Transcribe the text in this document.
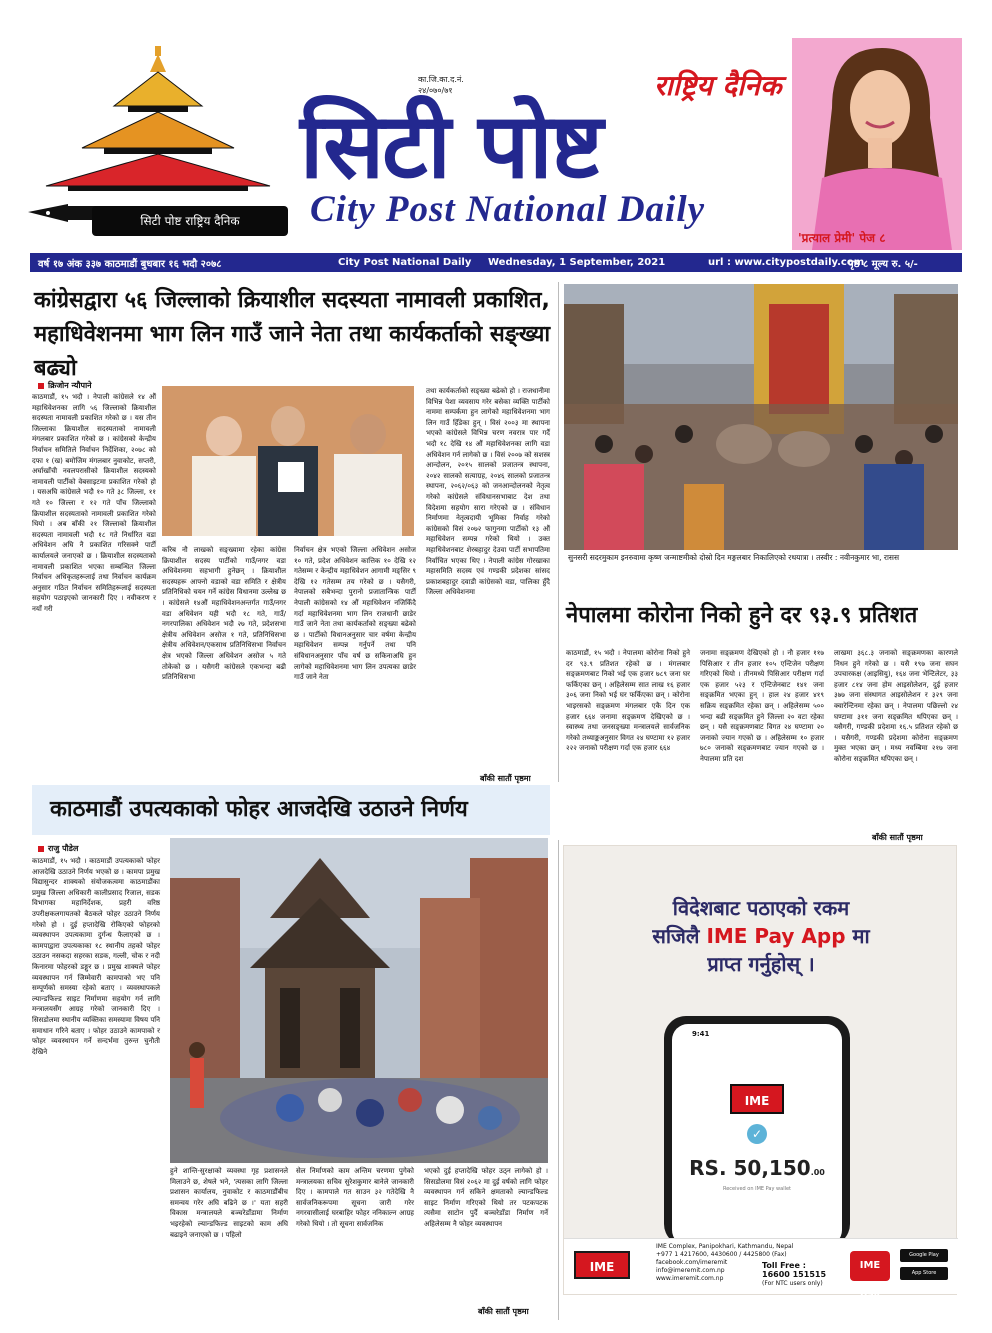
सिटी पोष्ट राष्ट्रिय दैनिक
का.जि.का.द.नं.
२४/०७०/७१	राष्ट्रिय दैनिक
सिटी पोष्ट
City Post National Daily
'प्रत्याल प्रेमी' पेज ८
वर्ष १७ अंक ३३७ काठमाडौं बुधबार १६ भदौ २०७८	City Post National Daily	Wednesday, 1 September, 2021	url : www.citypostdaily.com
पृष्ठ ८ मूल्य रु. ५/-
कांग्रेसद्वारा ५६ जिल्लाको क्रियाशील सदस्यता नामावली प्रकाशित,
महाधिवेशनमा भाग लिन गाउँ जाने नेता तथा कार्यकर्ताको सङ्ख्या बढ्यो
क्रिजोन न्यौपाने
काठमाडौं, १५ भदौ । नेपाली कांग्रेसले १४ औं महाधिवेशनका लागि ५६ जिल्लाको क्रियाशील सदस्यता नामावली प्रकाशित गरेको छ । यस तीन जिल्लाका क्रियाशील सदस्यताको नामावली मंगलबार प्रकाशित गरेको छ । कांग्रेसको केन्द्रीय निर्वाचन समितिले निर्वाचन निर्देशिका, २०७८ को दफा १ (ख) बमोजिम मंगलबार नुवाकोट, सप्तरी, अर्घाखाँची नवलपरासीको क्रियाशील सदस्यको नामावली पार्टीको वेबसाइटमा प्रकाशित गरेको हो । यसअघि कांग्रेसले भदौ १० गते ३८ जिल्ला, ११ गते १० जिल्ला र १२ गते पाँच जिल्लाको क्रियाशील सदस्यताको नामावली प्रकाशित गरेको थियो । अब बाँकी २१ जिल्लाको क्रियाशील सदस्यता नामावली भदौ १८ गते निर्धारित वडा अधिवेशन अघि नै प्रकाशित गरिसक्ने पार्टी कार्यालयले जनाएको छ । क्रियाशील सदस्यताको नामावली प्रकाशित भएका सम्बन्धित जिल्ला निर्वाचन अधिकृतहरूलाई तथा निर्वाचन कार्यक्रम अनुसार गठित निर्वाचन समितिहरूलाई सदस्यता सहयोग पठाइएको जानकारी दिए । नवीकरण र नयाँ गरी
करिब नौ लाखको सङ्ख्यामा रहेका कांग्रेस क्रियाशील सदस्य पार्टीको गाउँ/नगर वडा अधिवेशनमा सहभागी हुनेछन् । क्रियाशील सदस्यहरू आफ्नो वडाको वडा समिति र क्षेत्रीय प्रतिनिधिको चयन गर्ने कांग्रेस विधानमा उल्लेख छ । कांग्रेसले १४औं महाधिवेशनअन्तर्गत गाउँ/नगर वडा अधिवेशन यही भदौ १८ गते, गाउँ/नगरपालिका अधिवेशन भदौ २७ गते, प्रदेशसभा क्षेत्रीय अधिवेशन असोज १ गते, प्रतिनिधिसभा क्षेत्रीय अधिवेशन/एकसाथ प्रतिनिधिसभा निर्वाचन क्षेत्र भएको जिल्ला अधिवेशन असोज ५ गते तोकेको छ । यसैगरी कांग्रेसले एकभन्दा बढी प्रतिनिधिसभा
निर्वाचन क्षेत्र भएको जिल्ला अधिवेशन असोज १० गते, प्रदेश अधिवेशन कात्तिक १० देखि १२ गतेसम्म र केन्द्रीय महाधिवेशन आगामी मङ्सिर ९ देखि १२ गतेसम्म तय गरेको छ । यसैगरी, नेपालको सबैभन्दा पुरानो प्रजातान्त्रिक पार्टी नेपाली कांग्रेसको १४ औं महाधिवेशन नजिकिँदै गर्दा महाधिवेशनमा भाग लिन राजधानी छाडेर गाउँ जाने नेता तथा कार्यकर्ताको सङ्ख्या बढेको छ । पार्टीको विधानअनुसार चार वर्षमा केन्द्रीय महाधिवेशन सम्पन्न गर्नुपर्ने तथा पनि संविधानअनुसार पाँच वर्ष छ सकिनाअघि हुन लागेको महाधिवेशनमा भाग लिन उपत्यका छाडेर गाउँ जाने नेता
तथा कार्यकर्ताको सङ्ख्या बढेको हो । राजधानीमा विभिन्न पेशा व्यवसाय गरेर बसेका व्यक्ति पार्टीको नाममा सम्पर्कमा हुन लागेको महाधिवेशनमा भाग लिन गाउँ हिँडेका हुन् । विसं २००३ मा स्थापना भएको कांग्रेसले विभिन्न चरण नवरात्र पार गर्दै भदौ १८ देखि १४ औं महाधिवेशनका लागि वडा अधिवेशन गर्न लागेको छ । विसं २००७ को सशस्त्र आन्दोलन, २०१५ सालको प्रजातन्त्र स्थापना, २०४२ सालको सत्याग्रह, २०४६ सालको प्रजातन्त्र स्थापना, २०६२/०६३ को जनआन्दोलनको नेतृत्व गरेको कांग्रेसले संविधानसभाबाट देश तथा विदेशमा सहयोग सारा गरेएको छ । संविधान निर्माणमा नेतृत्वदायी भूमिका निर्वाह गरेको कांग्रेसको विसं २०७२ फागुनमा पार्टीको १३ औं महाधिवेशन सम्पन्न गरेको थियो । उक्त महाधिवेशनबाट शेरबहादुर देउवा पार्टी सभापतिमा निर्वाचित भएका थिए । नेपाली कांग्रेस गोरखाका महासमिति सदस्य एवं गण्डकी प्रदेशका सांसद प्रकाशबहादुर दवाडी कांग्रेसको वडा, पालिका हुँदै जिल्ला अधिवेशनमा
बाँकी सातौं पृष्ठमा
सुनसरी सदरमुकाम इनरुवामा कृष्ण जन्माष्टमीको दोस्रो दिन मङ्गलबार निकालिएको रथयात्रा । तस्वीर : नवीनकुमार भा, रासस
नेपालमा कोरोना निको हुने दर ९३.९ प्रतिशत
काठमाडौं, १५ भदौ । नेपालमा कोरोना निको हुने दर ९३.९ प्रतिशत रहेको छ । मंगलबार सङ्क्रमणबाट निको भई एक हजार ७८९ जना घर फर्किएका छन् । अहिलेसम्म सात लाख १६ हजार ३०६ जना निको भई घर फर्किएका छन् । कोरोना भाइरसको सङ्क्रमण मंगलबार एकै दिन एक हजार ६६४ जनामा सङ्क्रमण देखिएको छ । स्वास्थ्य तथा जनसङ्ख्या मन्त्रालयले सार्वजनिक गरेको तथ्याङ्कअनुसार विगत २४ घण्टामा १२ हजार २२२ जनाको परीक्षण गर्दा एक हजार ६६४
जनामा सङ्क्रमण देखिएको हो । नौ हजार ११७ पिसिआर र तीन हजार १०५ एन्टिजेन परीक्षण गरिएको थियो । तीनमध्ये पिसिआर परीक्षण गर्दा एक हजार ५२३ र एन्टिजेनबाट १४१ जना सङ्क्रमित भएका हुन् । हाल २४ हजार ४१९ सक्रिय सङ्क्रमित रहेका छन् । अहिलेसम्म ५०० भन्दा बढी सङ्क्रमित हुने जिल्ला २० वटा रहेका छन् । यसै सङ्क्रमणबाट विगत २४ घण्टामा २० जनाको ज्यान गएको छ । अहिलेसम्म १० हजार ७८० जनाको सङ्क्रमणबाट ज्यान गएको छ । नेपालमा प्रति दश
लाखमा ३६८.३ जनाको सङ्क्रमणका कारणले निधन हुने गरेको छ । यसै १९७ जना सघन उपचारकक्ष (आइसियु), १६४ जना भेन्टिलेटर, ३३ हजार ८१४ जना होम आइसोलेशन, दुई हजार ३७७ जना संस्थागत आइसोलेशन र ३२९ जना क्वारेन्टिनमा रहेका छन् । नेपालमा पछिल्लो २४ घण्टामा ३११ जना सङ्क्रमित थपिएका छन् । यसैगरी, गण्डकी प्रदेशमा १६.५ प्रतिशत रहेको छ । यसैगरी, गण्डकी प्रदेशमा कोरोना सङ्क्रमण मुक्त भएका छन् । मध्य नवम्बिमा २१७ जना कोरोना सङ्क्रमित थपिएका छन् ।
बाँकी सातौं पृष्ठमा
काठमाडौं उपत्यकाको फोहर आजदेखि उठाउने निर्णय
राजु पौडेल
काठमाडौं, १५ भदौ । काठमाडौं उपत्यकाको फोहर आजदेखि उठाउने निर्णय भएको छ । कामपा प्रमुख विद्यासुन्दर शाक्यको संयोजकत्वमा काठमाडौंका प्रमुख जिल्ला अधिकारी कालीप्रसाद रिजाल, सडक विभागका महानिर्देशक, प्रहरी वरिष्ठ उपरीक्षकलगायतको बैठकले फोहर उठाउने निर्णय गरेको हो । दुई हप्तादेखि रोकिएको फोहरको व्यवस्थापन उपत्यकामा दुर्गन्ध फैलाएको छ । कामपाद्वारा उपत्यकाका १८ स्थानीय तहको फोहर उठाउन नसकदा सहरका सडक, गल्ली, चोक र नदी किनारमा फोहरको डङ्गुर छ । प्रमुख शाक्यले फोहर व्यवस्थापन गर्न जिम्मेवारी कामपाको भए पनि सम्पूर्णको समस्या रहेको बताए । व्यवस्थापकले ल्यान्डफिल्ड साइट निर्माणमा सहयोग गर्न लागि मन्त्रालयसँग आग्रह गरेको जानकारी दिए । सिसडोलमा स्थानीय व्यक्तिका समस्यामा विषय पनि समाधान गरिने बताए । फोहर उठाउने कामपाको र फोहर व्यवस्थापन गर्ने सन्दर्भमा तुरुन्त चुनौती देखिने
हुने शान्ति-सुरक्षाको व्यवस्था गृह प्रशासनले मिलाउने छ, शेषले भने, 'त्यसका लागि जिल्ला प्रशासन कार्यालय, नुवाकोट र काठमाडौंबीच समन्वय गरेर अघि बढिने छ ।' यता सहरी विकास मन्त्रालयले बञ्चरेडाँडामा निर्माण भइरहेको ल्यान्डफिल्ड साइटको काम अघि बढाइने जनाएको छ । पहिलो
सेल निर्माणको काम अन्तिम चरणमा पुगेको मन्त्रालयका सचिव सुरेशकुमार बानेले जानकारी दिए । कामपाले गत साउन ३२ गतेदेखि नै सार्वजनिकरूपमा सूचना जारी गरेर नगरवासीलाई घरबाहिर फोहर ननिकाल्न आग्रह गरेको थियो । तो सूचना सार्वजनिक
भएको दुई हप्तादेखि फोहर उठ्न लागेको हो । सिसडोलमा विसं २०६२ मा दुई वर्षको लागि फोहर व्यवस्थापन गर्न सकिने क्षमताको ल्यान्डफिल्ड साइट निर्माण गरिएको थियो तर पटकपटक त्यसैमा साटोन पुर्दै बञ्चरेडाँडा निर्माण गर्ने अहिलेसम्म नै फोहर व्यवस्थापन
बाँकी सातौं पृष्ठमा
विदेशबाट पठाएको रकम
सजिलै IME Pay App मा
प्राप्त गर्नुहोस् ।
9:41
IME
✓
RS. 50,150.00
Received on IME Pay wallet
IME
IME Complex, Panipokhari, Kathmandu, Nepal
+977 1 4217600, 4430600 / 4425800 (Fax)
facebook.com/imeremit
info@imeremit.com.np
www.imeremit.com.np
Toll Free :
16600 151515
(For NTC users only)
IME pay
Google Play
App Store
